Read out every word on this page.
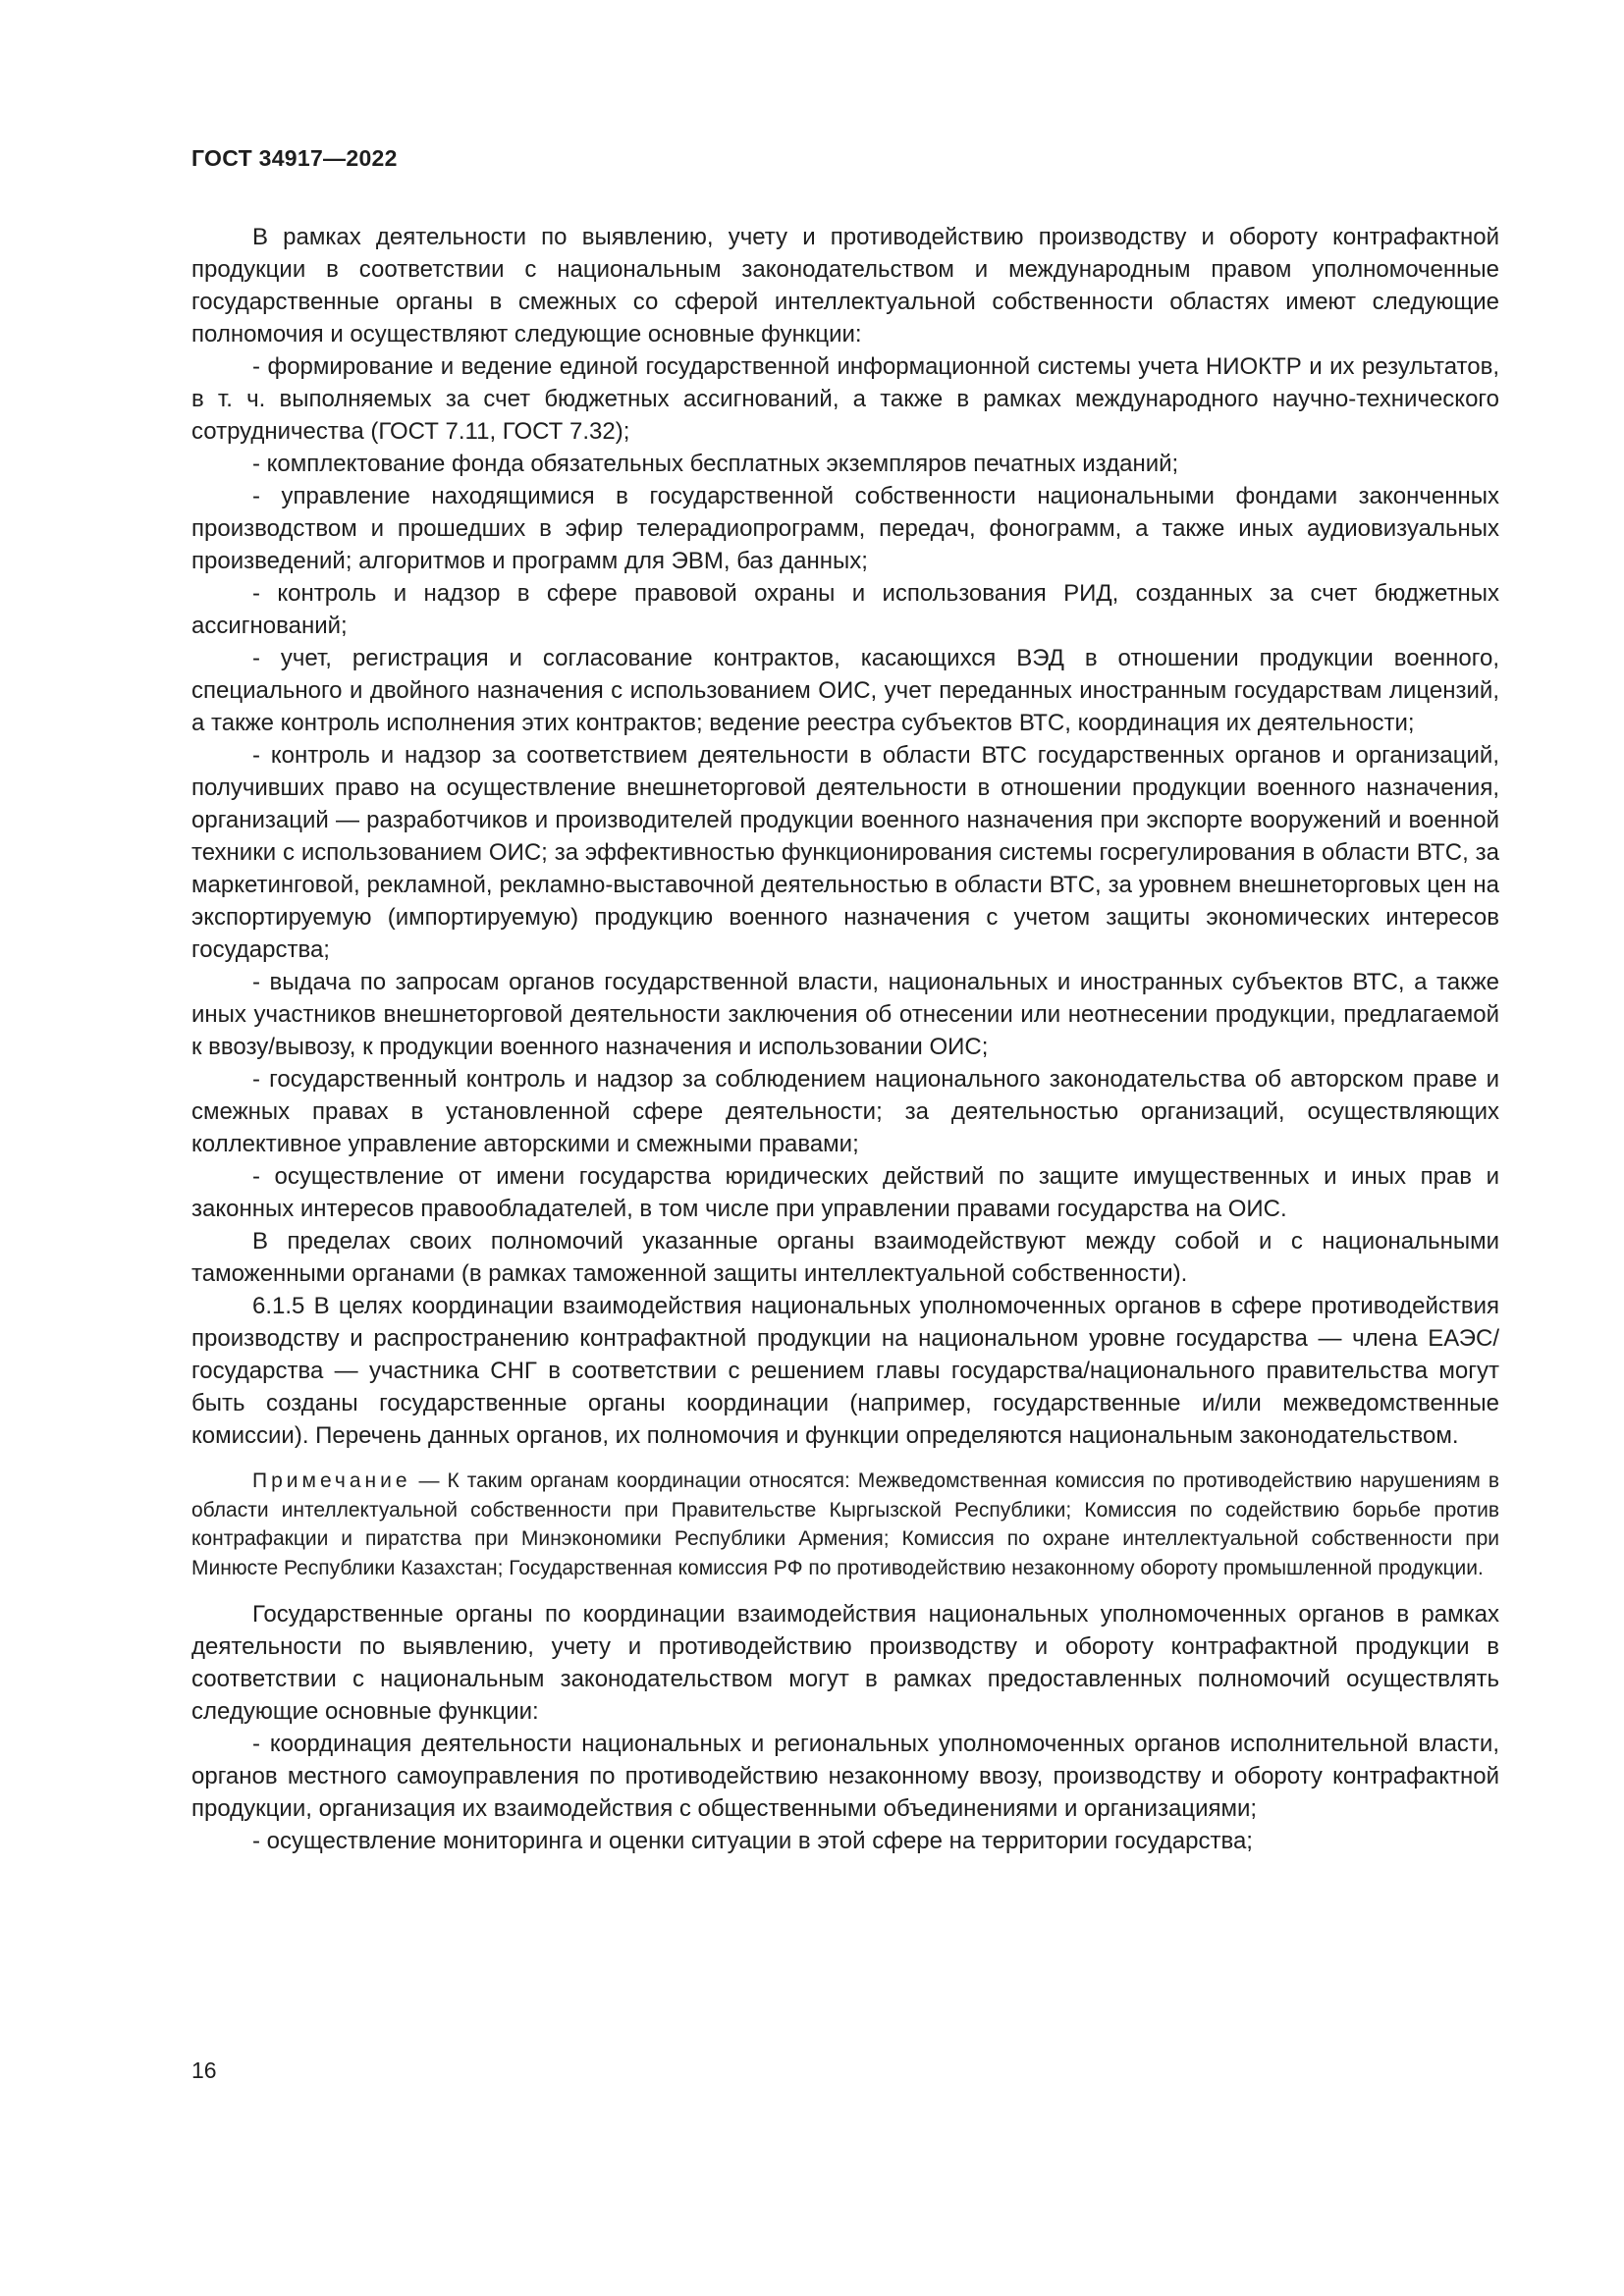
ГОСТ 34917—2022

В рамках деятельности по выявлению, учету и противодействию производству и обороту контрафактной продукции в соответствии с национальным законодательством и международным правом уполномоченные государственные органы в смежных со сферой интеллектуальной собственности областях имеют следующие полномочия и осуществляют следующие основные функции:

- формирование и ведение единой государственной информационной системы учета НИОКТР и их результатов, в т. ч. выполняемых за счет бюджетных ассигнований, а также в рамках международного научно-технического сотрудничества (ГОСТ 7.11, ГОСТ 7.32);

- комплектование фонда обязательных бесплатных экземпляров печатных изданий;

- управление находящимися в государственной собственности национальными фондами законченных производством и прошедших в эфир телерадиопрограмм, передач, фонограмм, а также иных аудиовизуальных произведений; алгоритмов и программ для ЭВМ, баз данных;

- контроль и надзор в сфере правовой охраны и использования РИД, созданных за счет бюджетных ассигнований;

- учет, регистрация и согласование контрактов, касающихся ВЭД в отношении продукции военного, специального и двойного назначения с использованием ОИС, учет переданных иностранным государствам лицензий, а также контроль исполнения этих контрактов; ведение реестра субъектов ВТС, координация их деятельности;

- контроль и надзор за соответствием деятельности в области ВТС государственных органов и организаций, получивших право на осуществление внешнеторговой деятельности в отношении продукции военного назначения, организаций — разработчиков и производителей продукции военного назначения при экспорте вооружений и военной техники с использованием ОИС; за эффективностью функционирования системы госрегулирования в области ВТС, за маркетинговой, рекламной, рекламно-выставочной деятельностью в области ВТС, за уровнем внешнеторговых цен на экспортируемую (импортируемую) продукцию военного назначения с учетом защиты экономических интересов государства;

- выдача по запросам органов государственной власти, национальных и иностранных субъектов ВТС, а также иных участников внешнеторговой деятельности заключения об отнесении или неотнесении продукции, предлагаемой к ввозу/вывозу, к продукции военного назначения и использовании ОИС;

- государственный контроль и надзор за соблюдением национального законодательства об авторском праве и смежных правах в установленной сфере деятельности; за деятельностью организаций, осуществляющих коллективное управление авторскими и смежными правами;

- осуществление от имени государства юридических действий по защите имущественных и иных прав и законных интересов правообладателей, в том числе при управлении правами государства на ОИС.

В пределах своих полномочий указанные органы взаимодействуют между собой и с национальными таможенными органами (в рамках таможенной защиты интеллектуальной собственности).

6.1.5 В целях координации взаимодействия национальных уполномоченных органов в сфере противодействия производству и распространению контрафактной продукции на национальном уровне государства — члена ЕАЭС/государства — участника СНГ в соответствии с решением главы государства/национального правительства могут быть созданы государственные органы координации (например, государственные и/или межведомственные комиссии). Перечень данных органов, их полномочия и функции определяются национальным законодательством.

Примечание — К таким органам координации относятся: Межведомственная комиссия по противодействию нарушениям в области интеллектуальной собственности при Правительстве Кыргызской Республики; Комиссия по содействию борьбе против контрафакции и пиратства при Минэкономики Республики Армения; Комиссия по охране интеллектуальной собственности при Минюсте Республики Казахстан; Государственная комиссия РФ по противодействию незаконному обороту промышленной продукции.

Государственные органы по координации взаимодействия национальных уполномоченных органов в рамках деятельности по выявлению, учету и противодействию производству и обороту контрафактной продукции в соответствии с национальным законодательством могут в рамках предоставленных полномочий осуществлять следующие основные функции:

- координация деятельности национальных и региональных уполномоченных органов исполнительной власти, органов местного самоуправления по противодействию незаконному ввозу, производству и обороту контрафактной продукции, организация их взаимодействия с общественными объединениями и организациями;

- осуществление мониторинга и оценки ситуации в этой сфере на территории государства;

16
